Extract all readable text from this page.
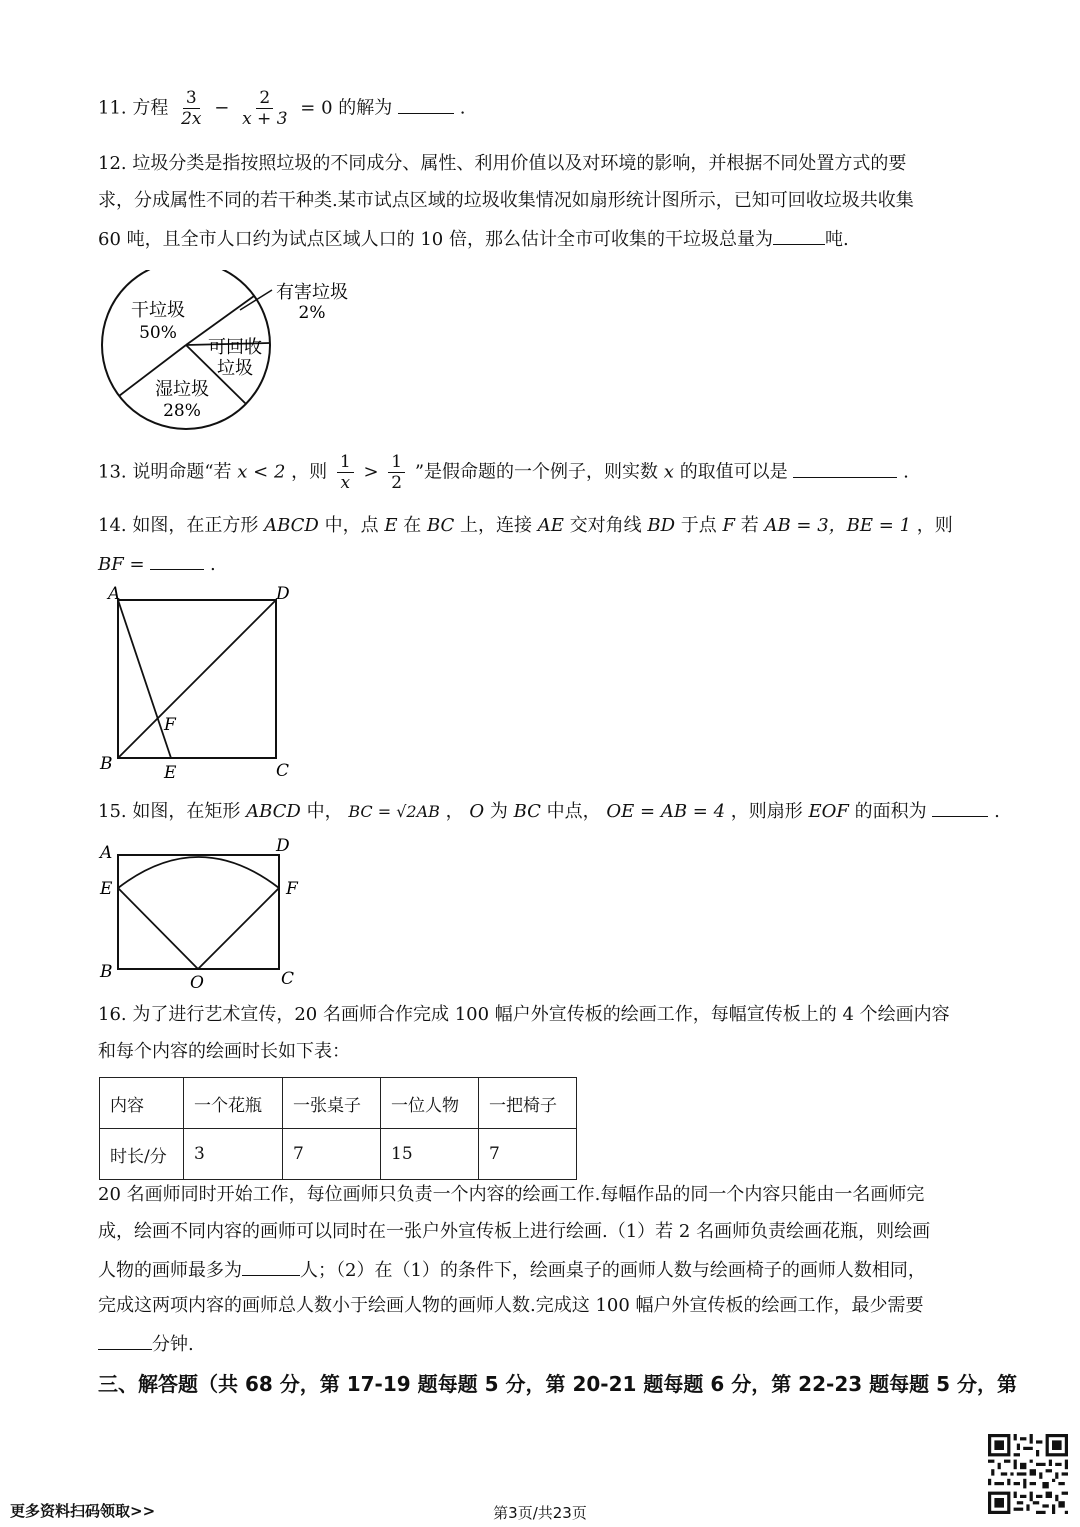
11. 方程 $\frac{3}{2x} - \frac{2}{x + 3} = 0$ 的解为	.
12. 垃圾分类是指按照垃圾的不同成分、属性、利用价值以及对环境的影响，并根据不同处置方式的要
求，分成属性不同的若干种类.某市试点区域的垃圾收集情况如扇形统计图所示，已知可回收垃圾共收集
60 吨，且全市人口约为试点区域人口的 10 倍，那么估计全市可收集的干垃圾总量为	吨.
干垃圾
50%
湿垃圾
28%
可回收
垃圾
有害垃圾
2%
13. 说明命题“若 x < 2 ，则 $\frac{1}{x} > \frac{1}{2}$ ”是假命题的一个例子，则实数 x 的取值可以是	.
14. 如图，在正方形 ABCD 中，点 E 在 BC 上，连接 AE 交对角线 BD 于点 F 若 AB = 3，BE = 1 ，则
BF =	.
A	D
B	C
E
F
15. 如图，在矩形 ABCD 中， BC = √2AB ， O 为 BC 中点， OE = AB = 4 ，则扇形 EOF 的面积为	.
A	D
E	F
B	C
O
16. 为了进行艺术宣传，20 名画师合作完成 100 幅户外宣传板的绘画工作，每幅宣传板上的 4 个绘画内容
和每个内容的绘画时长如下表：
内容	一个花瓶	一张桌子	一位人物	一把椅子
时长/分	3	7	15	7
20 名画师同时开始工作，每位画师只负责一个内容的绘画工作.每幅作品的同一个内容只能由一名画师完
成，绘画不同内容的画师可以同时在一张户外宣传板上进行绘画.（1）若 2 名画师负责绘画花瓶，则绘画
人物的画师最多为	人；（2）在（1）的条件下，绘画桌子的画师人数与绘画椅子的画师人数相同，
完成这两项内容的画师总人数小于绘画人物的画师人数.完成这 100 幅户外宣传板的绘画工作，最少需要
分钟.
三、解答题（共 68 分，第 17-19 题每题 5 分，第 20-21 题每题 6 分，第 22-23 题每题 5 分，第
更多资料扫码领取>>	第3页/共23页
